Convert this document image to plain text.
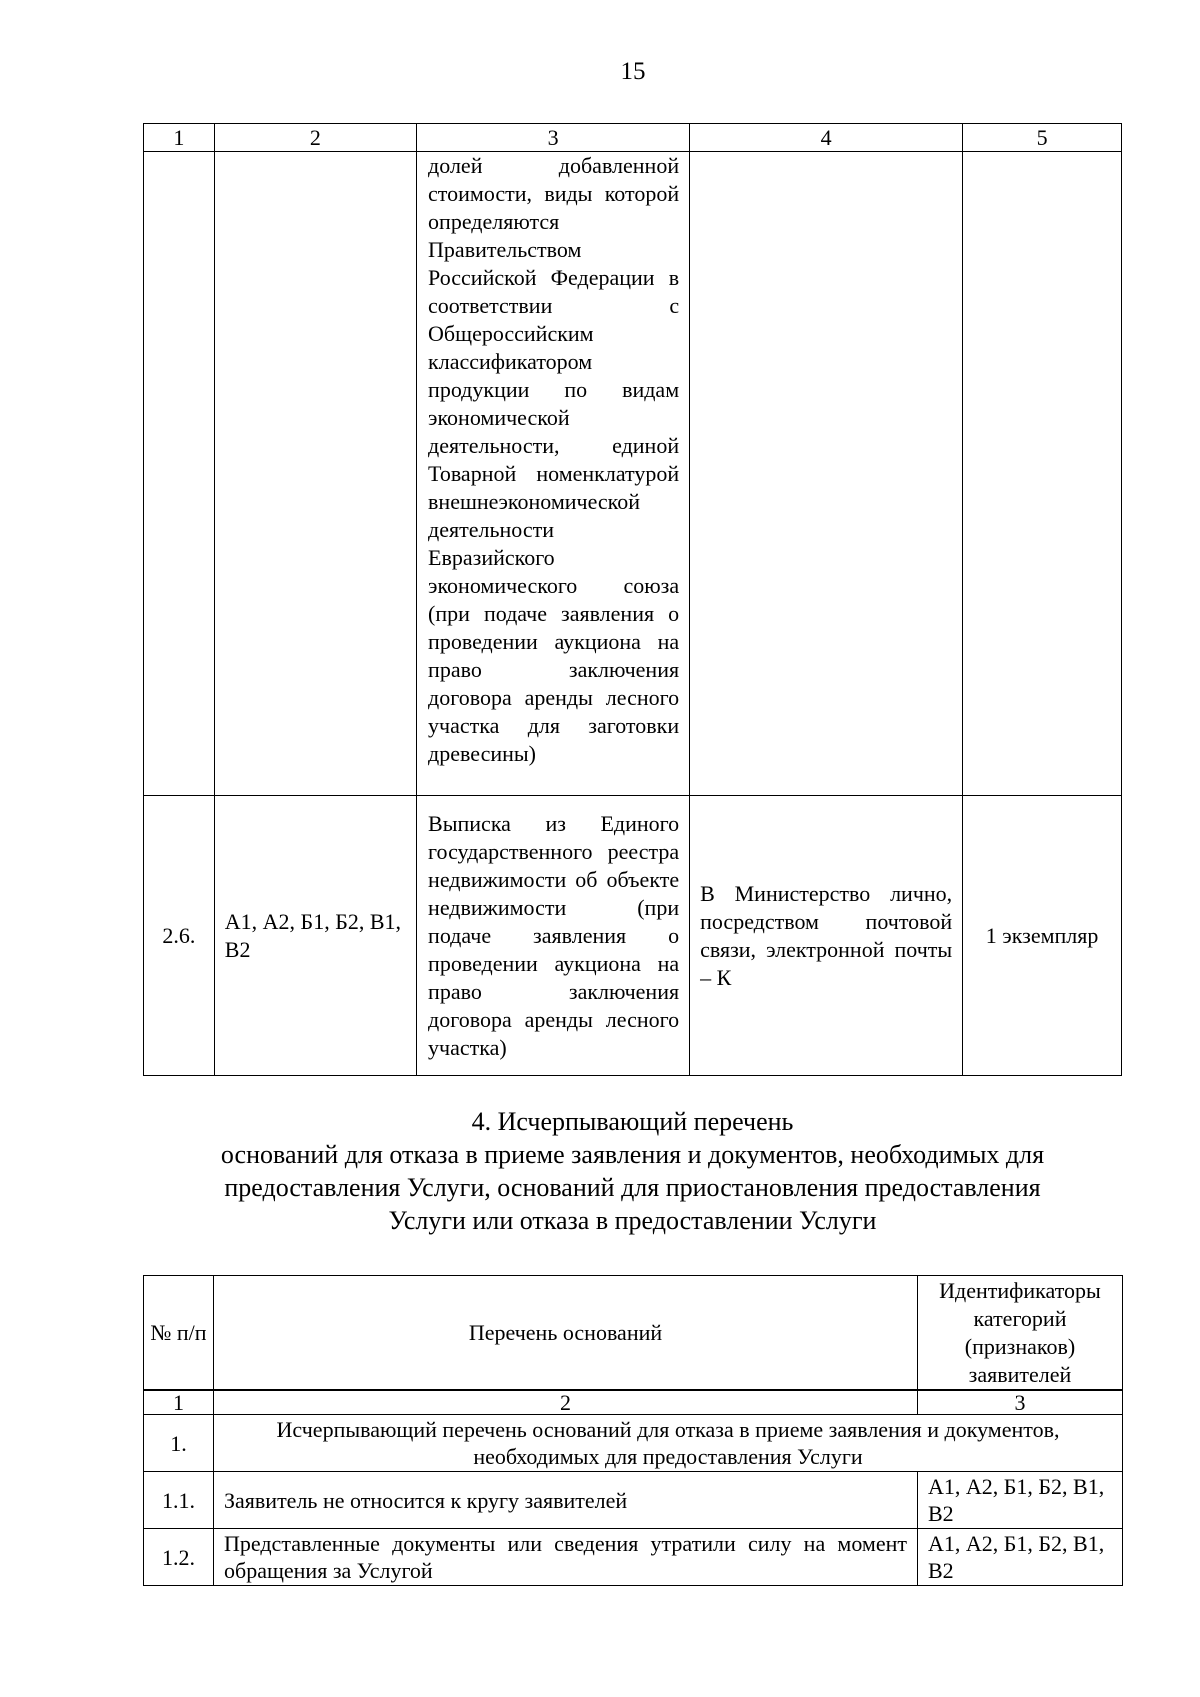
15
1	2	3	4	5
		долей добавленной стоимости, виды которой определяются Правительством Российской Федерации в соответствии с Общероссийским классификатором продукции по видам экономической деятельности, единой Товарной номенклатурой внешнеэкономической деятельности Евразийского экономического союза (при подаче заявления о проведении аукциона на право заключения договора аренды лесного участка для заготовки древесины)		
2.6.	А1, А2, Б1, Б2, В1, В2	Выписка из Единого государственного реестра недвижимости об объекте недвижимости (при подаче заявления о проведении аукциона на право заключения договора аренды лесного участка)	В Министерство лично, посредством почтовой связи, электронной почты – К	1 экземпляр
4. Исчерпывающий перечень
оснований для отказа в приеме заявления и документов, необходимых для
предоставления Услуги, оснований для приостановления предоставления
Услуги или отказа в предоставлении Услуги
№ п/п	Перечень оснований	Идентификаторы категорий (признаков) заявителей
1	2	3
1.	Исчерпывающий перечень оснований для отказа в приеме заявления и документов, необходимых для предоставления Услуги	
1.1.	Заявитель не относится к кругу заявителей	А1, А2, Б1, Б2, В1, В2
1.2.	Представленные документы или сведения утратили силу на момент обращения за Услугой	А1, А2, Б1, Б2, В1, В2
